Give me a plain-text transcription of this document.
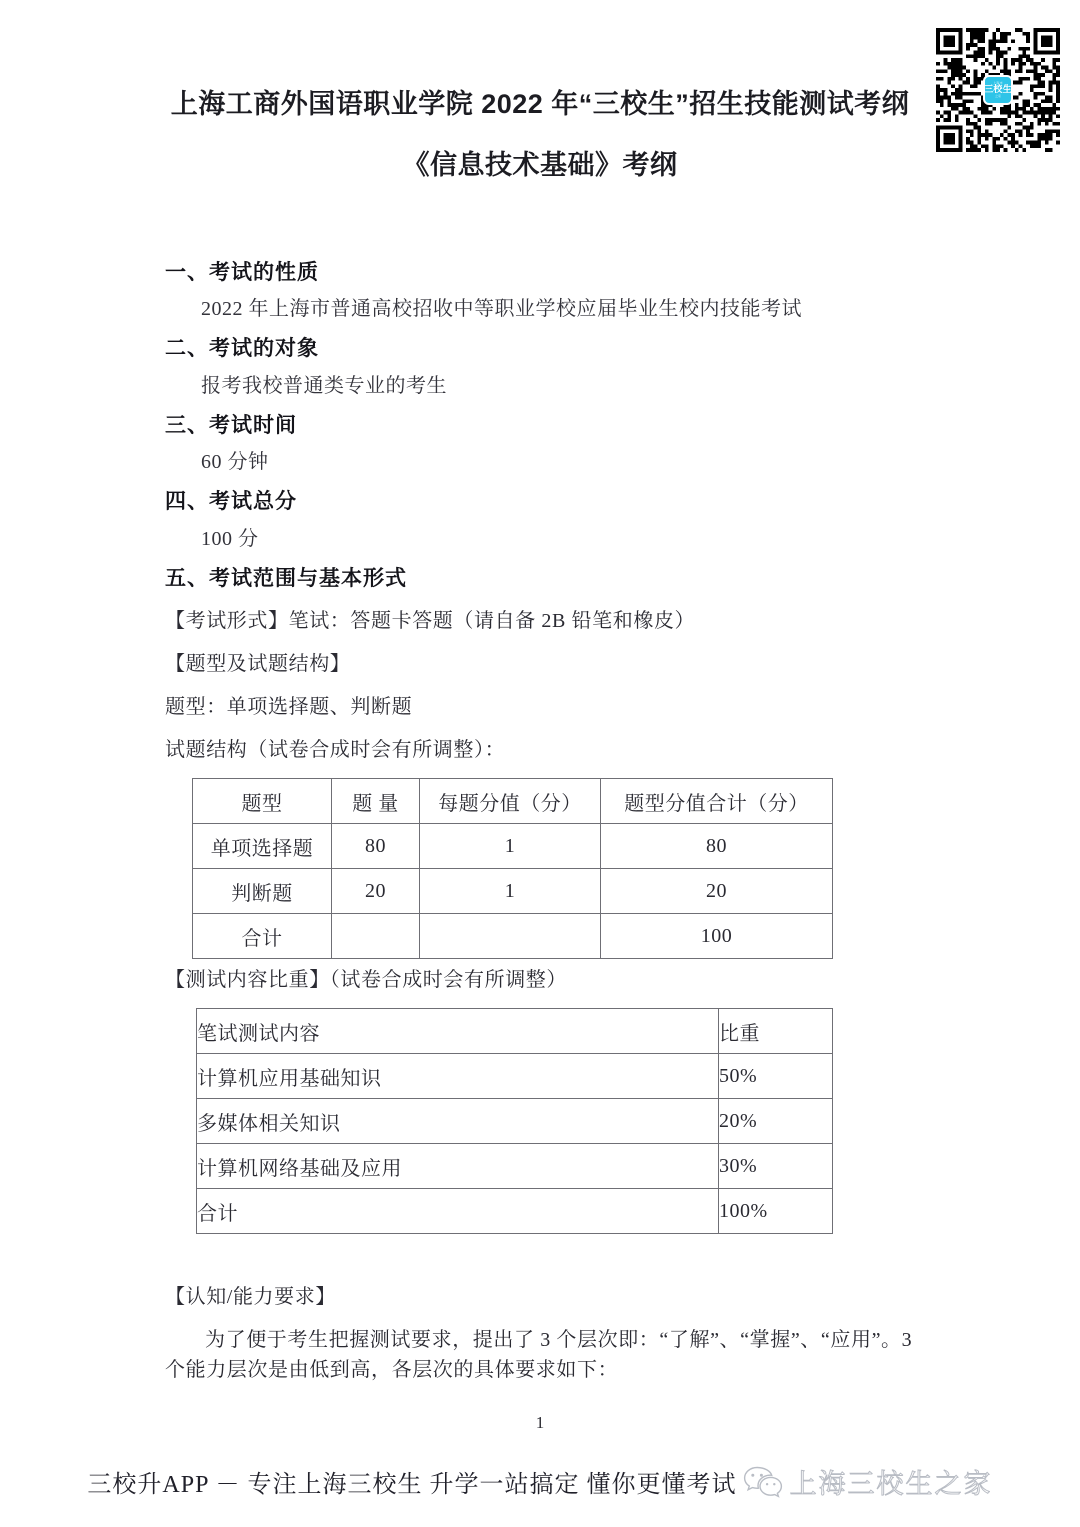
上海市
三校生
之家
上海工商外国语职业学院 2022 年“三校生”招生技能测试考纲
《信息技术基础》考纲
一、考试的性质
2022 年上海市普通高校招收中等职业学校应届毕业生校内技能考试
二、考试的对象
报考我校普通类专业的考生
三、考试时间
60 分钟
四、考试总分
100 分
五、考试范围与基本形式
【考试形式】笔试：答题卡答题（请自备 2B 铅笔和橡皮）
【题型及试题结构】
题型：单项选择题、判断题
试题结构（试卷合成时会有所调整）：
题型	题 量	每题分值（分）	题型分值合计（分）
单项选择题	80	1	80
判断题	20	1	20
合计			100
【测试内容比重】（试卷合成时会有所调整）
笔试测试内容	比重
计算机应用基础知识	50%
多媒体相关知识	20%
计算机网络基础及应用	30%
合计	100%
【认知/能力要求】
为了便于考生把握测试要求，提出了 3 个层次即：“了解”、“掌握”、“应用”。3 个能力层次是由低到高，各层次的具体要求如下：
1
三校升APP － 专注上海三校生 升学一站搞定 懂你更懂考试 上海三校生之家
